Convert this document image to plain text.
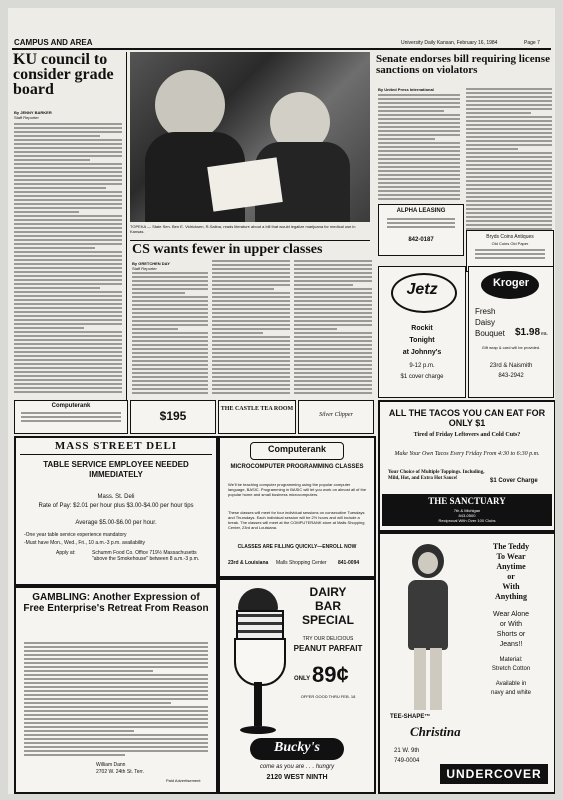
CAMPUS AND AREA	University Daily Kansan, February 16, 1984	Page 7
KU council to consider grade board
By JENNY BARKER
Staff Reporter
TOPEKA — State Sen. Ben E. Vidricksen, R-Salina, reads literature about a bill that would legalize marijuana for medical use in Kansas.
Senate endorses bill requiring license sanctions on violators
By United Press International
ALPHA LEASING
842-0187	Bryds Coins Antiques
Old Coins Old Paper
CS wants fewer in upper classes
By GRETCHEN DAY
Staff Reporter
Jetz
Rockit
Tonight
at Johnny's
9-12 p.m.
$1 cover charge
Kroger
Fresh
Daisy
Bouquet $1.98 ea.
Gift wrap & card will be provided.
23rd & Naismith
843-2942
Computerank
$195	THE CASTLE TEA ROOM
Silver Clipper	ALL THE TACOS YOU CAN EAT FOR ONLY $1
Tired of Friday Leftovers and Cold Cuts?
Make Your Own Tacos Every Friday From 4:30 to 6:30 p.m.
Your Choice of Multiple Toppings. Including, Mild, Hot, and Extra Hot Sauce!	$1 Cover Charge
THE SANCTUARY
7th & Michigan
843-0500
Reciprocal With Over 100 Clubs
MASS STREET DELI
TABLE SERVICE EMPLOYEE NEEDED IMMEDIATELY
Mass. St. Deli
Rate of Pay: $2.01 per hour plus $3.00-$4.00 per hour tips
Average $5.00-$6.00 per hour.
-One year table service experience mandatory
-Must have Mon., Wed., Fri., 10 a.m.-3 p.m. availability
Apply at:	Schumm Food Co. Office 719½ Massachusetts "above the Smokehouse" between 8 a.m.-3 p.m.
Computerank
MICROCOMPUTER PROGRAMMING CLASSES
We'll be teaching computer programming using the popular computer language, BASIC. Programming in BASIC will let you work on almost all of the popular home and small business microcomputers.
These classes will meet for four individual sessions on consecutive Tuesdays and Thursdays. Each individual session will be 2½ hours and will include a break. The classes will meet at the COMPUTERANK store at Malls Shopping Center, 23rd and Louisiana.
CLASSES ARE FILLING QUICKLY—ENROLL NOW
23rd & Louisiana Malls Shopping Center 841-0094
GAMBLING: Another Expression of Free Enterprise's Retreat From Reason
William Dann
2702 W. 24th St. Terr.
Paid Advertisement
DAIRY
BAR
SPECIAL
TRY OUR DELICIOUS
PEANUT PARFAIT
ONLY 89¢
OFFER GOOD THRU FEB. 18
Bucky's
come as you are . . . hungry
2120 WEST NINTH
The Teddy
To Wear
Anytime
or
With
Anything
Wear Alone
or With
Shorts or
Jeans!!
Material:
Stretch Cotton
Available in
navy and white
TEE-SHAPE™
Christina
21 W. 9th
749-0004
UNDERCOVER
